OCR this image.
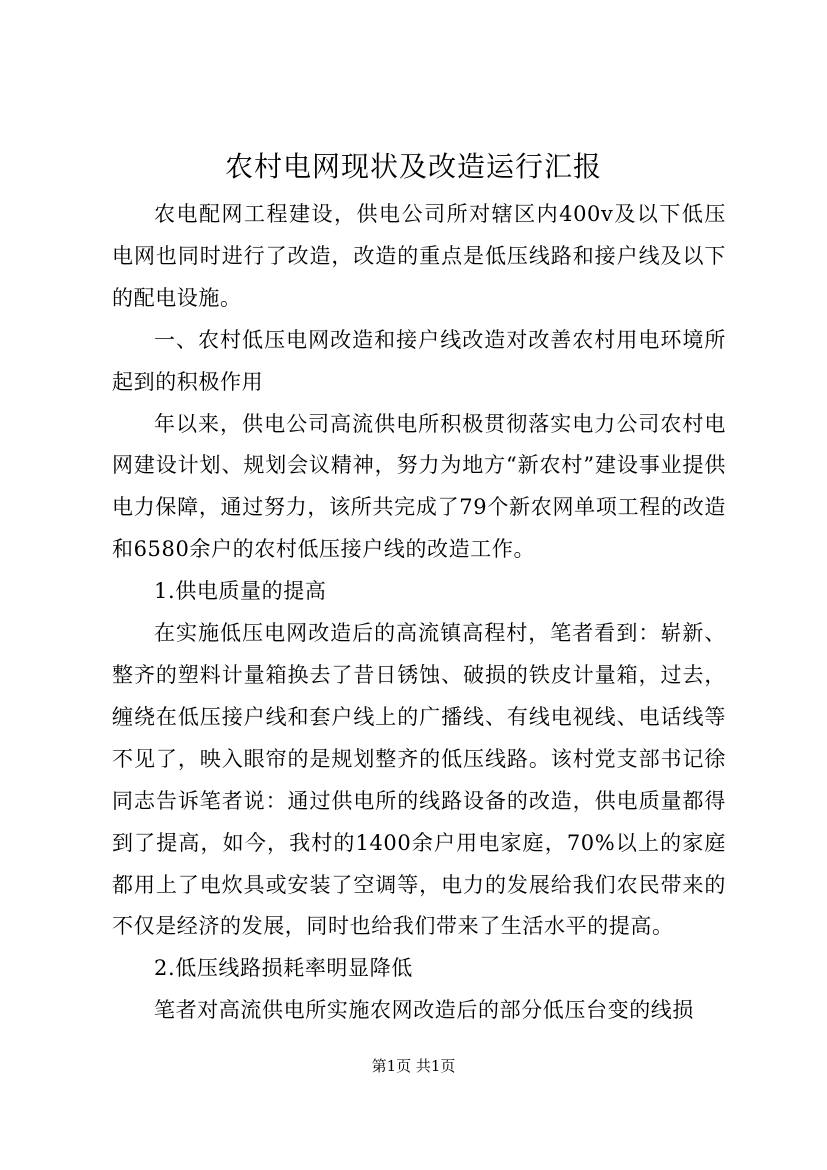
农村电网现状及改造运行汇报

农电配网工程建设，供电公司所对辖区内400v及以下低压电网也同时进行了改造，改造的重点是低压线路和接户线及以下的配电设施。

一、农村低压电网改造和接户线改造对改善农村用电环境所起到的积极作用

年以来，供电公司高流供电所积极贯彻落实电力公司农村电网建设计划、规划会议精神，努力为地方“新农村”建设事业提供电力保障，通过努力，该所共完成了79个新农网单项工程的改造和6580余户的农村低压接户线的改造工作。

1.供电质量的提高

在实施低压电网改造后的高流镇高程村，笔者看到：崭新、整齐的塑料计量箱换去了昔日锈蚀、破损的铁皮计量箱，过去，缠绕在低压接户线和套户线上的广播线、有线电视线、电话线等不见了，映入眼帘的是规划整齐的低压线路。该村党支部书记徐同志告诉笔者说：通过供电所的线路设备的改造，供电质量都得到了提高，如今，我村的1400余户用电家庭，70%以上的家庭都用上了电炊具或安装了空调等，电力的发展给我们农民带来的不仅是经济的发展，同时也给我们带来了生活水平的提高。

2.低压线路损耗率明显降低

笔者对高流供电所实施农网改造后的部分低压台变的线损

第1页 共1页
